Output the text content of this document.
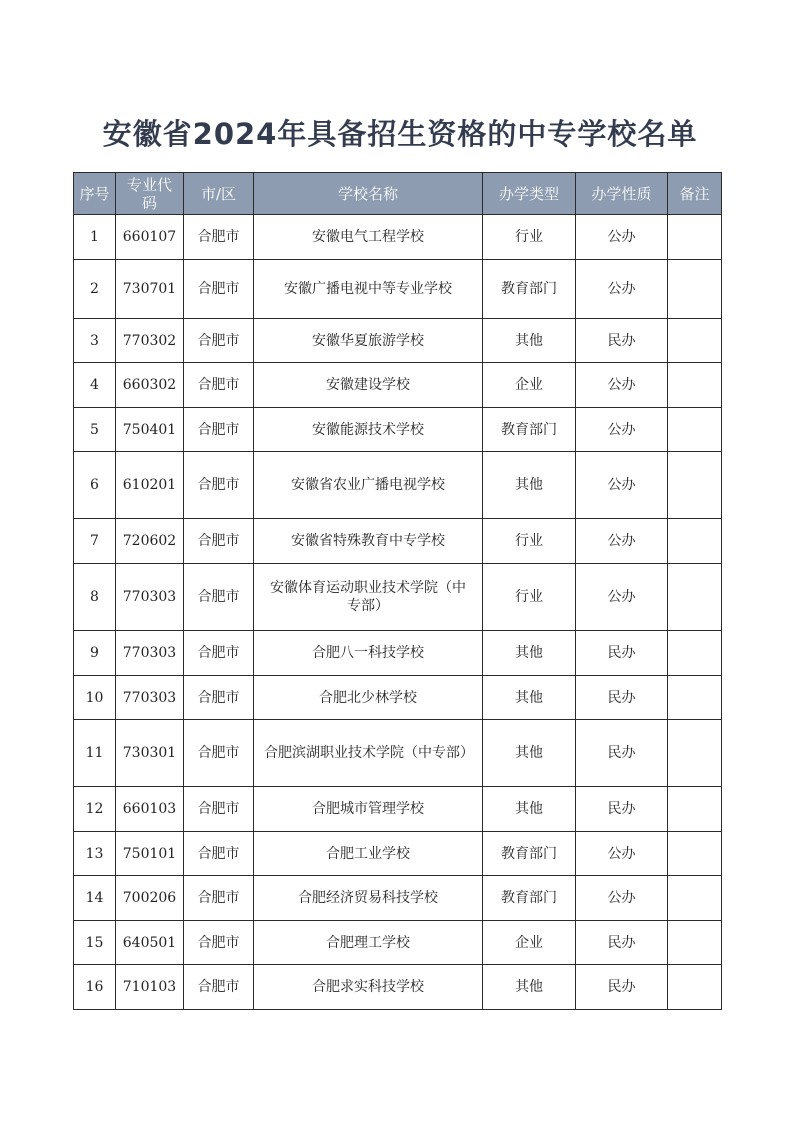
安徽省2024年具备招生资格的中专学校名单
序号	专业代码	市/区	学校名称	办学类型	办学性质	备注
1	660107	合肥市	安徽电气工程学校	行业	公办	
2	730701	合肥市	安徽广播电视中等专业学校	教育部门	公办	
3	770302	合肥市	安徽华夏旅游学校	其他	民办	
4	660302	合肥市	安徽建设学校	企业	公办	
5	750401	合肥市	安徽能源技术学校	教育部门	公办	
6	610201	合肥市	安徽省农业广播电视学校	其他	公办	
7	720602	合肥市	安徽省特殊教育中专学校	行业	公办	
8	770303	合肥市	安徽体育运动职业技术学院（中专部）	行业	公办	
9	770303	合肥市	合肥八一科技学校	其他	民办	
10	770303	合肥市	合肥北少林学校	其他	民办	
11	730301	合肥市	合肥滨湖职业技术学院（中专部）	其他	民办	
12	660103	合肥市	合肥城市管理学校	其他	民办	
13	750101	合肥市	合肥工业学校	教育部门	公办	
14	700206	合肥市	合肥经济贸易科技学校	教育部门	公办	
15	640501	合肥市	合肥理工学校	企业	民办	
16	710103	合肥市	合肥求实科技学校	其他	民办	
